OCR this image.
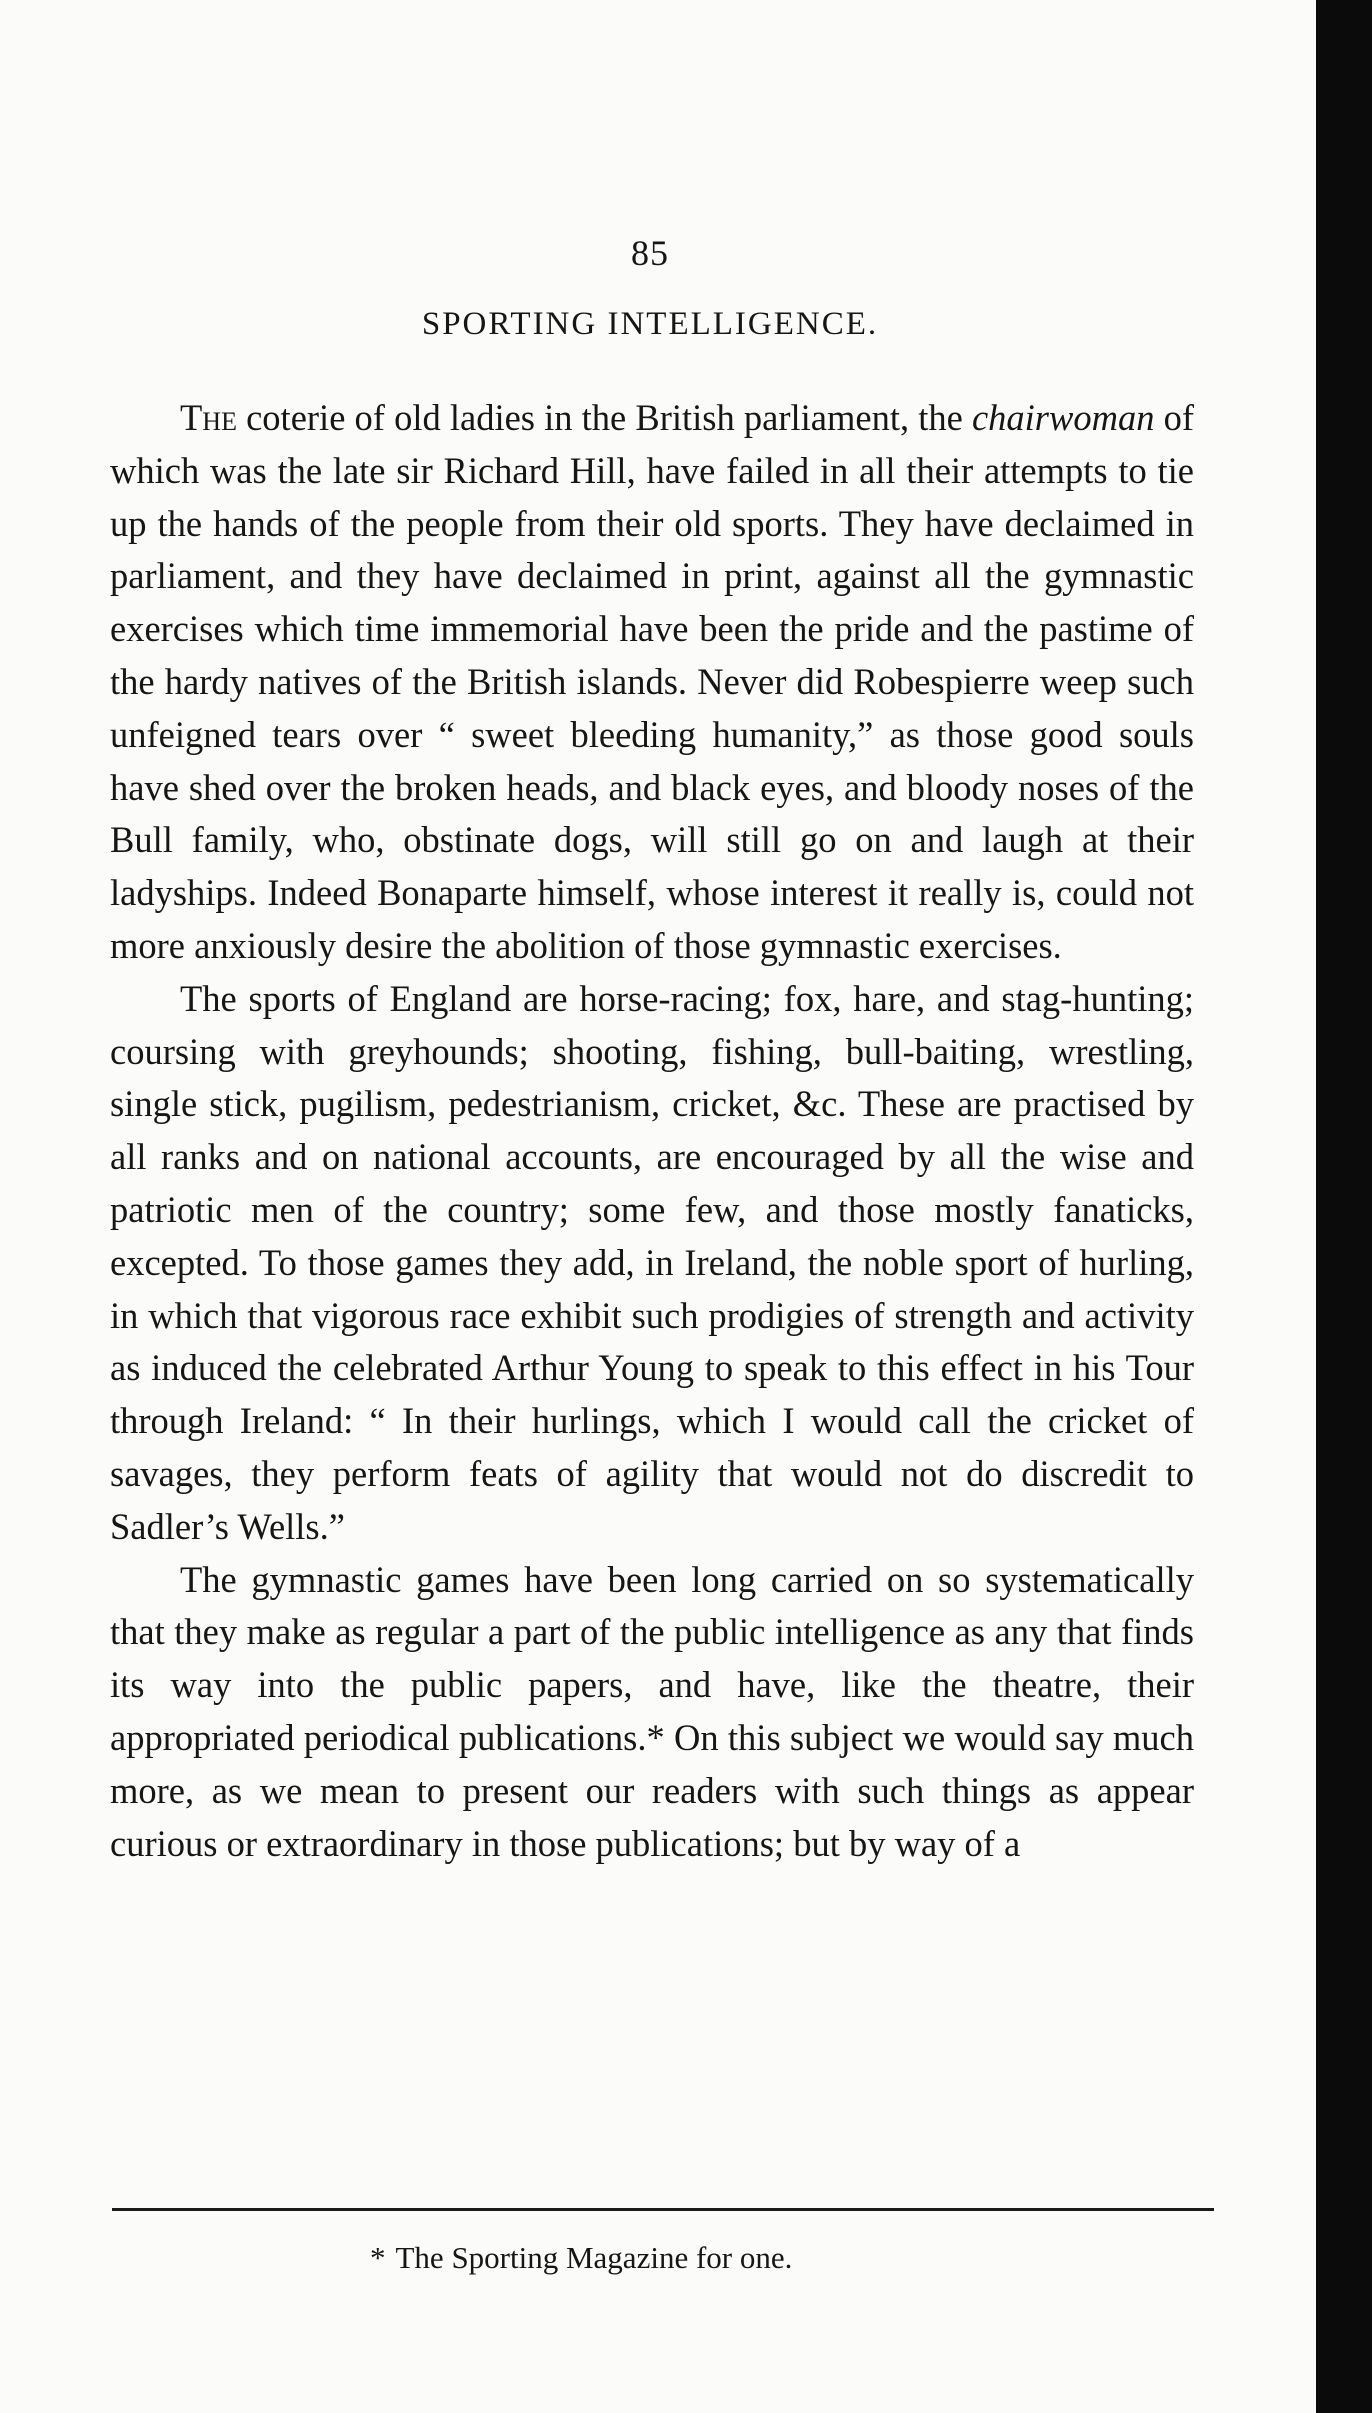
85
SPORTING INTELLIGENCE.

The coterie of old ladies in the British parliament, the chairwoman of which was the late sir Richard Hill, have failed in all their attempts to tie up the hands of the people from their old sports. They have declaimed in parliament, and they have declaimed in print, against all the gymnastic exercises which time immemorial have been the pride and the pastime of the hardy natives of the British islands. Never did Robespierre weep such unfeigned tears over “ sweet bleeding humanity,” as those good souls have shed over the broken heads, and black eyes, and bloody noses of the Bull family, who, obstinate dogs, will still go on and laugh at their ladyships. Indeed Bonaparte himself, whose interest it really is, could not more anxiously desire the abolition of those gymnastic exercises.

The sports of England are horse-racing; fox, hare, and stag-hunting; coursing with greyhounds; shooting, fishing, bull-baiting, wrestling, single stick, pugilism, pedestrianism, cricket, &c. These are practised by all ranks and on national accounts, are encouraged by all the wise and patriotic men of the country; some few, and those mostly fanaticks, excepted. To those games they add, in Ireland, the noble sport of hurling, in which that vigorous race exhibit such prodigies of strength and activity as induced the celebrated Arthur Young to speak to this effect in his Tour through Ireland: “ In their hurlings, which I would call the cricket of savages, they perform feats of agility that would not do discredit to Sadler’s Wells.”

The gymnastic games have been long carried on so systematically that they make as regular a part of the public intelligence as any that finds its way into the public papers, and have, like the theatre, their appropriated periodical publications.* On this subject we would say much more, as we mean to present our readers with such things as appear curious or extraordinary in those publications; but by way of a

* The Sporting Magazine for one.
